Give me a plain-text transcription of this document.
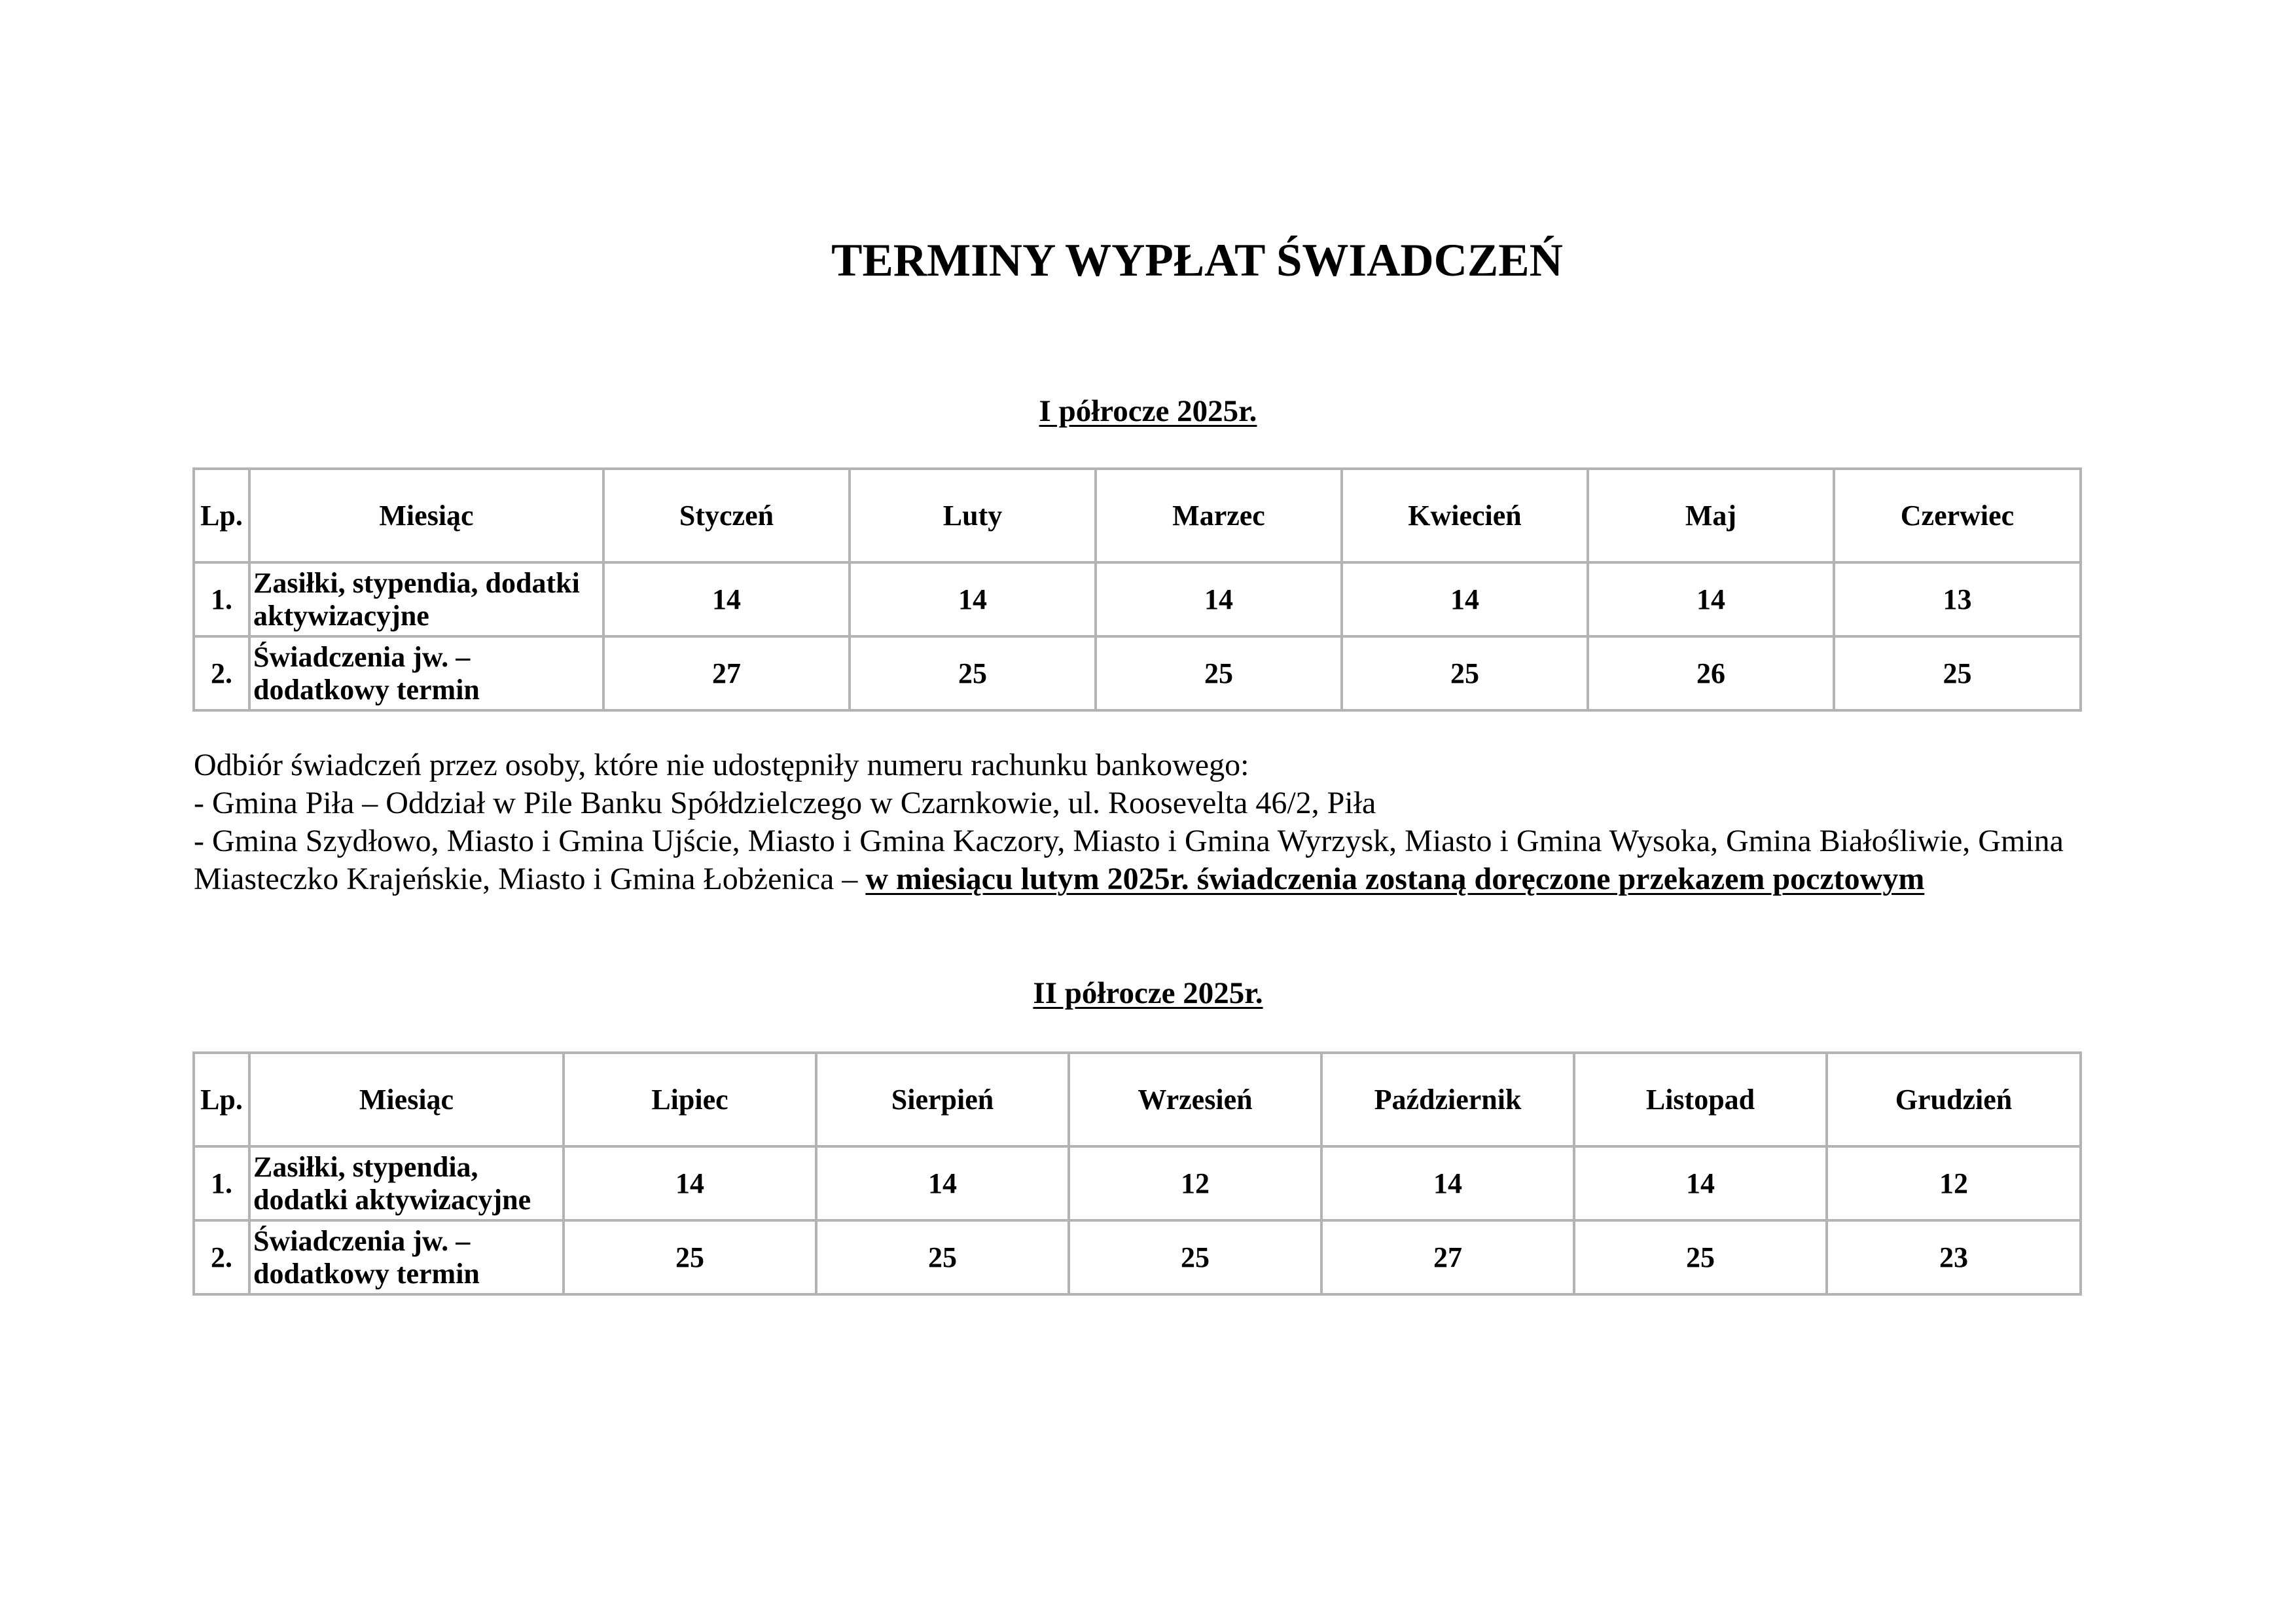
TERMINY WYPŁAT ŚWIADCZEŃ
I półrocze 2025r.
Lp.	Miesiąc	Styczeń	Luty	Marzec	Kwiecień	Maj	Czerwiec
1.	Zasiłki, stypendia, dodatki aktywizacyjne	14	14	14	14	14	13
2.	Świadczenia jw. – dodatkowy termin	27	25	25	25	26	25
Odbiór świadczeń przez osoby, które nie udostępniły numeru rachunku bankowego:
- Gmina Piła – Oddział w Pile Banku Spółdzielczego w Czarnkowie, ul. Roosevelta 46/2, Piła
- Gmina Szydłowo, Miasto i Gmina Ujście, Miasto i Gmina Kaczory, Miasto i Gmina Wyrzysk, Miasto i Gmina Wysoka, Gmina Białośliwie, Gmina Miasteczko Krajeńskie, Miasto i Gmina Łobżenica – w miesiącu lutym 2025r. świadczenia zostaną doręczone przekazem pocztowym
II półrocze 2025r.
Lp.	Miesiąc	Lipiec	Sierpień	Wrzesień	Październik	Listopad	Grudzień
1.	Zasiłki, stypendia, dodatki aktywizacyjne	14	14	12	14	14	12
2.	Świadczenia jw. – dodatkowy termin	25	25	25	27	25	23
